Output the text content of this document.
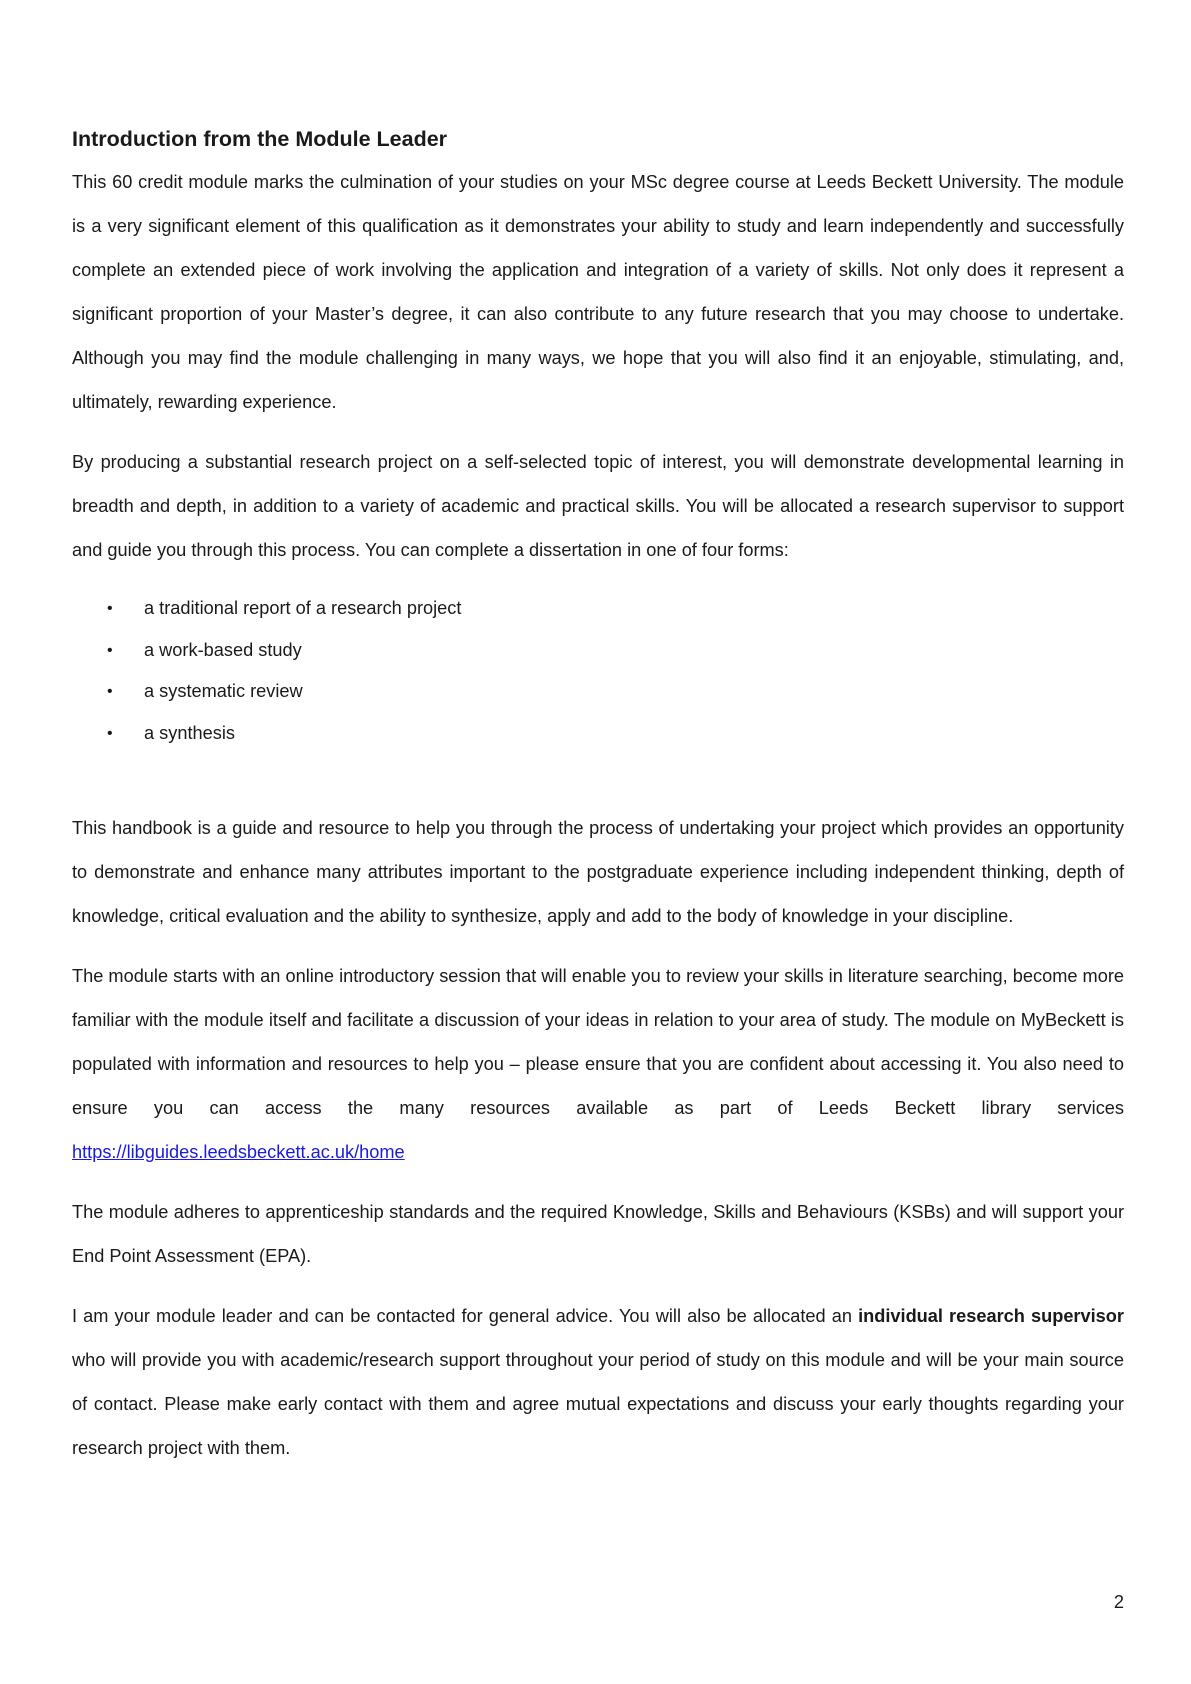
Introduction from the Module Leader

This 60 credit module marks the culmination of your studies on your MSc degree course at Leeds Beckett University. The module is a very significant element of this qualification as it demonstrates your ability to study and learn independently and successfully complete an extended piece of work involving the application and integration of a variety of skills. Not only does it represent a significant proportion of your Master’s degree, it can also contribute to any future research that you may choose to undertake. Although you may find the module challenging in many ways, we hope that you will also find it an enjoyable, stimulating, and, ultimately, rewarding experience.

By producing a substantial research project on a self-selected topic of interest, you will demonstrate developmental learning in breadth and depth, in addition to a variety of academic and practical skills. You will be allocated a research supervisor to support and guide you through this process. You can complete a dissertation in one of four forms:

• a traditional report of a research project
• a work-based study
• a systematic review
• a synthesis

This handbook is a guide and resource to help you through the process of undertaking your project which provides an opportunity to demonstrate and enhance many attributes important to the postgraduate experience including independent thinking, depth of knowledge, critical evaluation and the ability to synthesize, apply and add to the body of knowledge in your discipline.

The module starts with an online introductory session that will enable you to review your skills in literature searching, become more familiar with the module itself and facilitate a discussion of your ideas in relation to your area of study. The module on MyBeckett is populated with information and resources to help you – please ensure that you are confident about accessing it. You also need to ensure you can access the many resources available as part of Leeds Beckett library services https://libguides.leedsbeckett.ac.uk/home

The module adheres to apprenticeship standards and the required Knowledge, Skills and Behaviours (KSBs) and will support your End Point Assessment (EPA).

I am your module leader and can be contacted for general advice. You will also be allocated an individual research supervisor who will provide you with academic/research support throughout your period of study on this module and will be your main source of contact. Please make early contact with them and agree mutual expectations and discuss your early thoughts regarding your research project with them.

2
